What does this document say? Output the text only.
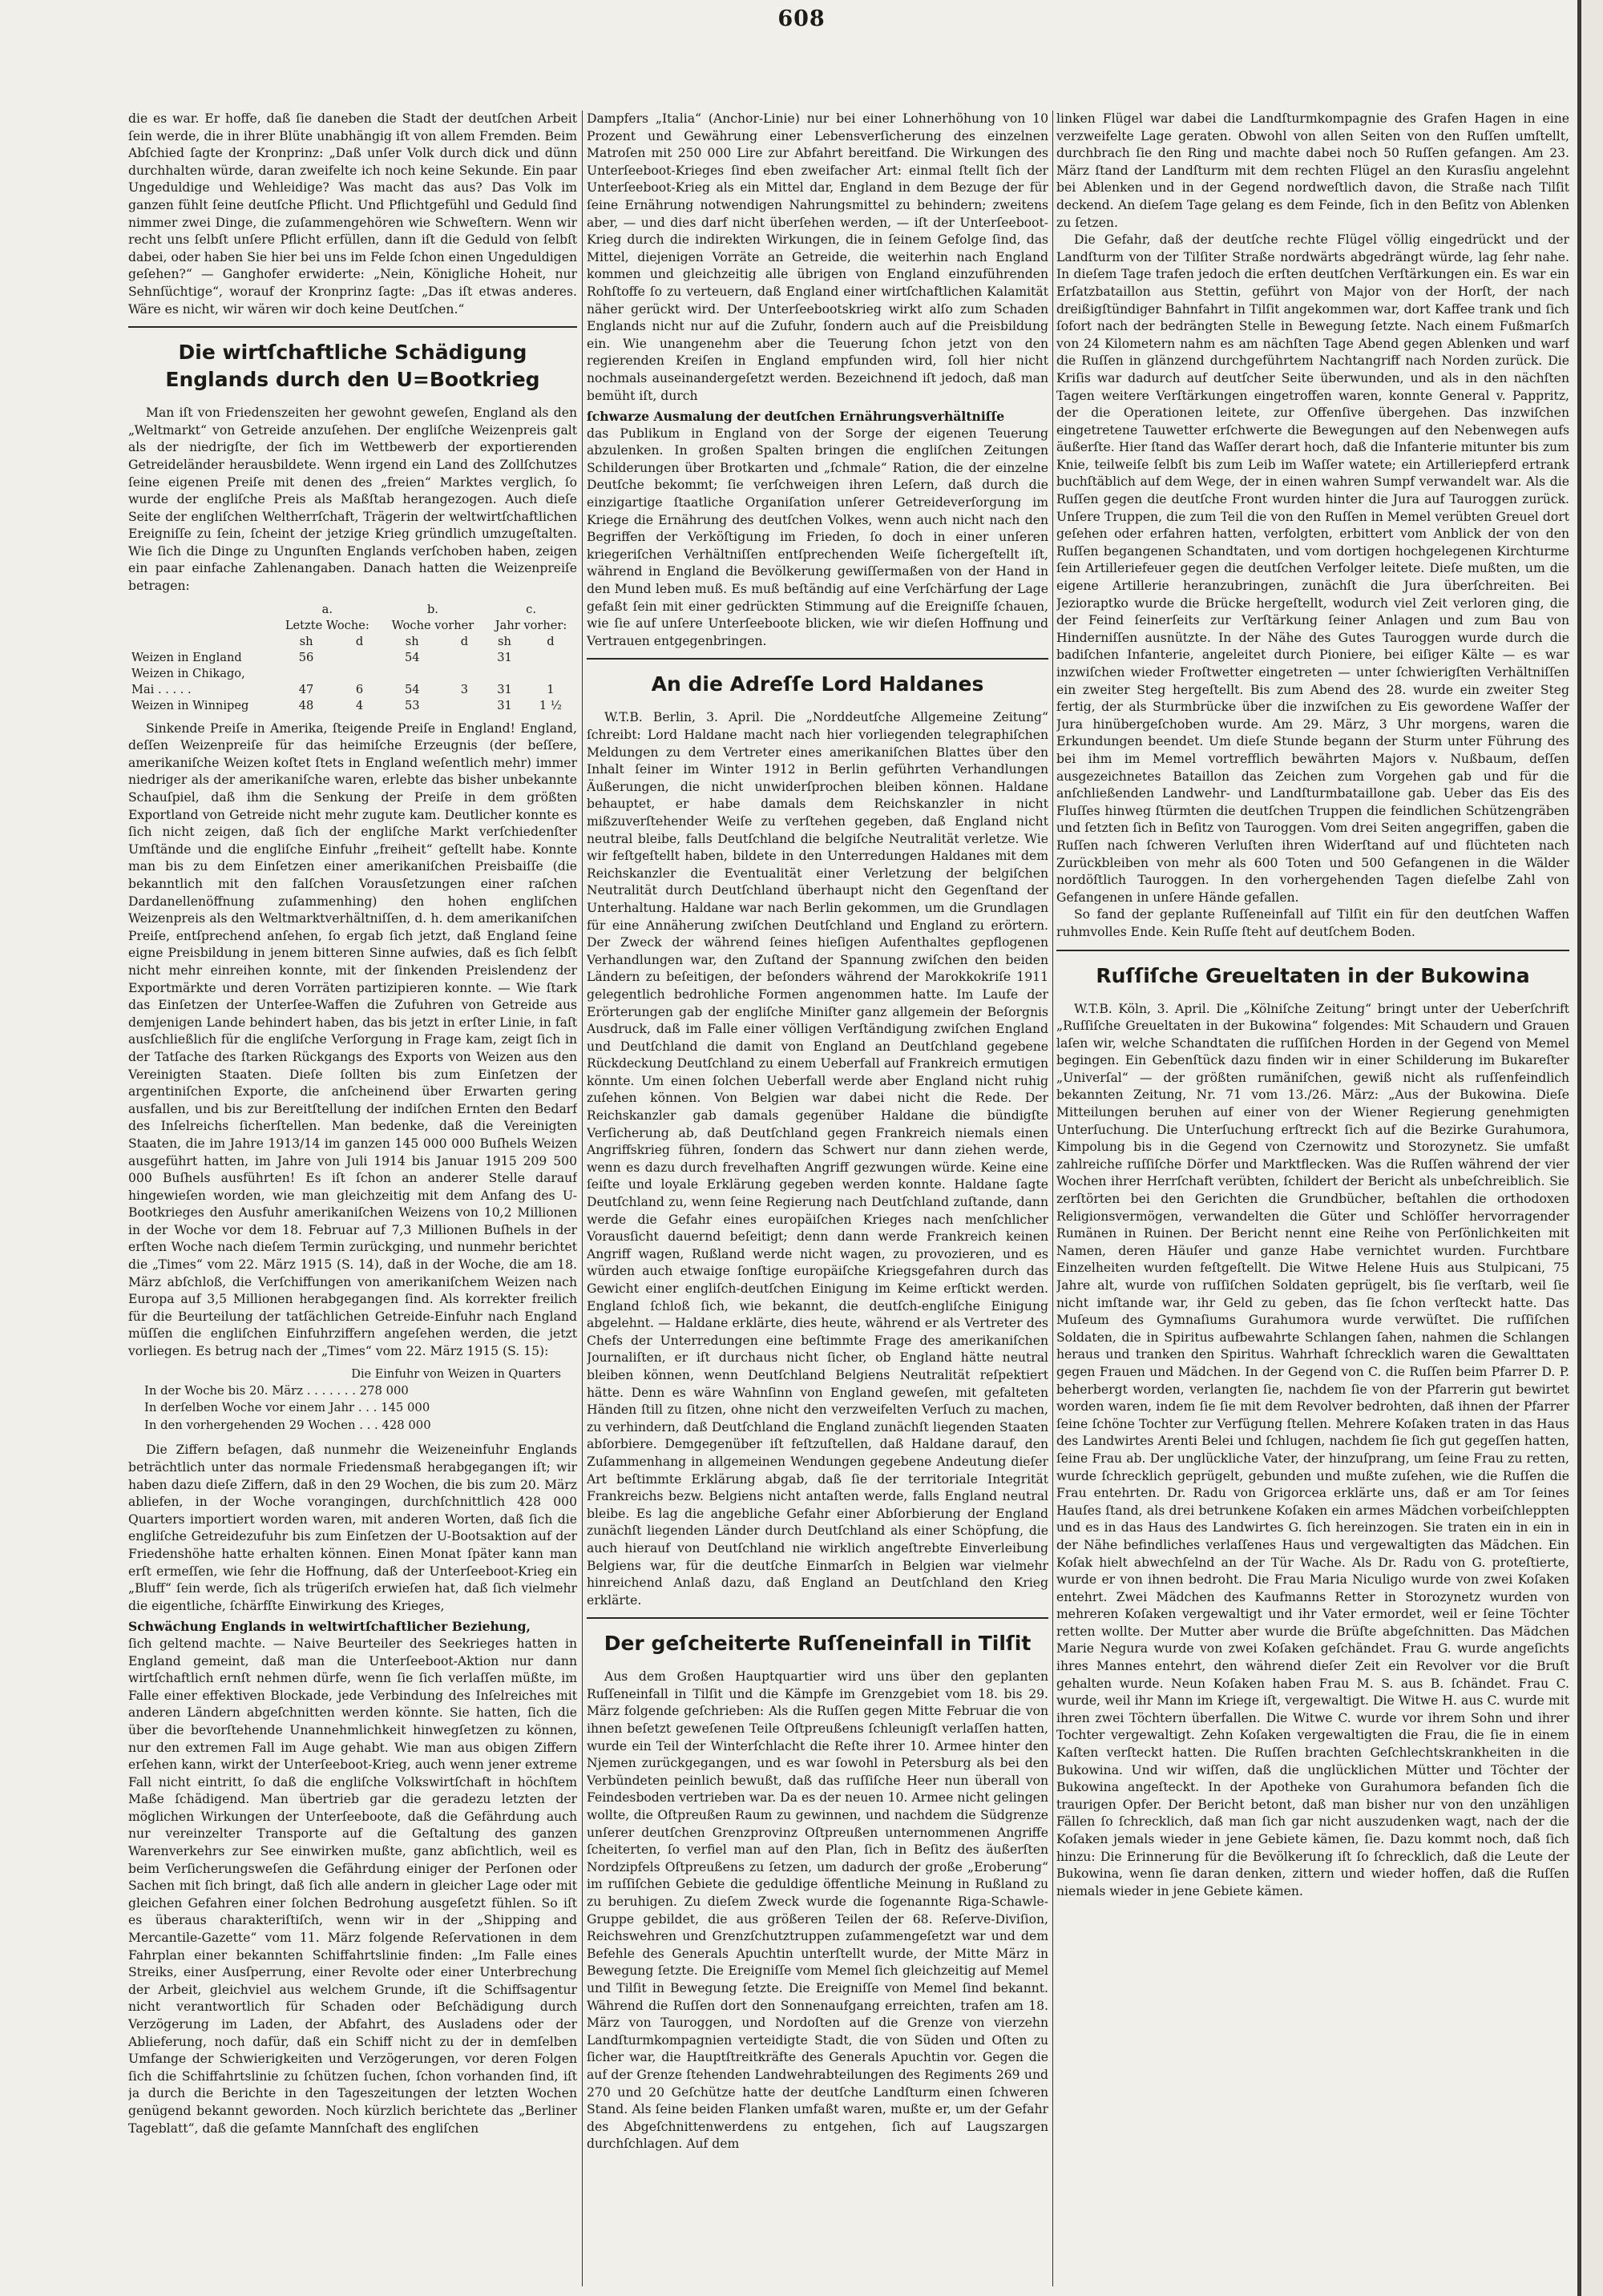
608

die es war. Er hoffe, daß ſie daneben die Stadt der deutſchen Arbeit ſein werde, die in ihrer Blüte unabhängig iſt von allem Fremden. Beim Abſchied ſagte der Kronprinz: „Daß unſer Volk durch dick und dünn durchhalten würde, daran zweifelte ich noch keine Sekunde. Ein paar Ungeduldige und Wehleidige? Was macht das aus? Das Volk im ganzen fühlt ſeine deutſche Pflicht. Und Pflichtgefühl und Geduld ſind nimmer zwei Dinge, die zuſammengehören wie Schweſtern. Wenn wir recht uns ſelbſt unſere Pflicht erfüllen, dann iſt die Geduld von ſelbſt dabei, oder haben Sie hier bei uns im Felde ſchon einen Ungeduldigen geſehen?“ — Ganghofer erwiderte: „Nein, Königliche Hoheit, nur Sehnſüchtige“, worauf der Kronprinz ſagte: „Das iſt etwas anderes. Wäre es nicht, wir wären wir doch keine Deutſchen.“

Die wirtſchaftliche Schädigung Englands durch den U=Bootkrieg

Man iſt von Friedenszeiten her gewohnt geweſen, England als den „Weltmarkt“ von Getreide anzuſehen. Der engliſche Weizenpreis galt als der niedrigſte, der ſich im Wettbewerb der exportierenden Getreideländer herausbildete. Wenn irgend ein Land des Zollſchutzes ſeine eigenen Preiſe mit denen des „freien“ Marktes verglich, ſo wurde der engliſche Preis als Maßſtab herangezogen. Auch dieſe Seite der engliſchen Weltherrſchaft, Trägerin der weltwirtſchaftlichen Ereigniſſe zu ſein, ſcheint der jetzige Krieg gründlich umzugeſtalten. Wie ſich die Dinge zu Ungunſten Englands verſchoben haben, zeigen ein paar einfache Zahlenangaben. Danach hatten die Weizenpreiſe betragen:

	a.		b.		c.	
	Letzte Woche:		Woche vorher		Jahr vorher:	
	sh	d	sh	d	sh	d
Weizen in England	56		54		31	
Weizen in Chikago,						
Mai . . . . .	47	6	54	3	31	1
Weizen in Winnipeg	48	4	53		31	1 ½

Sinkende Preiſe in Amerika, ſteigende Preiſe in England! England, deſſen Weizenpreiſe für das heimiſche Erzeugnis (der beſſere, amerikaniſche Weizen koſtet ſtets in England weſentlich mehr) immer niedriger als der amerikaniſche waren, erlebte das bisher unbekannte Schauſpiel, daß ihm die Senkung der Preiſe in dem größten Exportland von Getreide nicht mehr zugute kam. Deutlicher konnte es ſich nicht zeigen, daß ſich der engliſche Markt verſchiedenſter Umſtände und die engliſche Einfuhr „freiheit“ geſtellt habe. Konnte man bis zu dem Einſetzen einer amerikaniſchen Preisbaiſſe (die bekanntlich mit den falſchen Vorausſetzungen einer raſchen Dardanellenöffnung zuſammenhing) den hohen engliſchen Weizenpreis als den Weltmarktverhältniſſen, d. h. dem amerikaniſchen Preiſe, entſprechend anſehen, ſo ergab ſich jetzt, daß England ſeine eigne Preisbildung in jenem bitteren Sinne aufwies, daß es ſich ſelbſt nicht mehr einreihen konnte, mit der ſinkenden Preislendenz der Exportmärkte und deren Vorräten partizipieren konnte. — Wie ſtark das Einſetzen der Unterſee-Waffen die Zufuhren von Getreide aus demjenigen Lande behindert haben, das bis jetzt in erſter Linie, in faſt ausſchließlich für die engliſche Verſorgung in Frage kam, zeigt ſich in der Tatſache des ſtarken Rückgangs des Exports von Weizen aus den Vereinigten Staaten. Dieſe ſollten bis zum Einſetzen der argentiniſchen Exporte, die anſcheinend über Erwarten gering ausfallen, und bis zur Bereitſtellung der indiſchen Ernten den Bedarf des Inſelreichs ſicherſtellen. Man bedenke, daß die Vereinigten Staaten, die im Jahre 1913/14 im ganzen 145 000 000 Buſhels Weizen ausgeführt hatten, im Jahre von Juli 1914 bis Januar 1915 209 500 000 Buſhels ausführten! Es iſt ſchon an anderer Stelle darauf hingewieſen worden, wie man gleichzeitig mit dem Anfang des U-Bootkrieges den Ausfuhr amerikaniſchen Weizens von 10,2 Millionen in der Woche vor dem 18. Februar auf 7,3 Millionen Buſhels in der erſten Woche nach dieſem Termin zurückging, und nunmehr berichtet die „Times“ vom 22. März 1915 (S. 14), daß in der Woche, die am 18. März abſchloß, die Verſchiffungen von amerikaniſchem Weizen nach Europa auf 3,5 Millionen herabgegangen ſind. Als korrekter freilich für die Beurteilung der tatſächlichen Getreide-Einfuhr nach England müſſen die engliſchen Einfuhrziffern angeſehen werden, die jetzt vorliegen. Es betrug nach der „Times“ vom 22. März 1915 (S. 15):

Die Einfuhr von Weizen in Quarters

In der Woche bis 20. März . . . . . . . 278 000

In derſelben Woche vor einem Jahr . . . 145 000

In den vorhergehenden 29 Wochen . . . 428 000

Die Ziffern beſagen, daß nunmehr die Weizeneinfuhr Englands beträchtlich unter das normale Friedensmaß herabgegangen iſt; wir haben dazu dieſe Ziffern, daß in den 29 Wochen, die bis zum 20. März abliefen, in der Woche vorangingen, durchſchnittlich 428 000 Quarters importiert worden waren, mit anderen Worten, daß ſich die engliſche Getreidezufuhr bis zum Einſetzen der U-Bootsaktion auf der Friedenshöhe hatte erhalten können. Einen Monat ſpäter kann man erſt ermeſſen, wie ſehr die Hoffnung, daß der Unterſeeboot-Krieg ein „Bluff“ ſein werde, ſich als trügeriſch erwieſen hat, daß ſich vielmehr die eigentliche, ſchärfſte Einwirkung des Krieges,

Schwächung Englands in weltwirtſchaftlicher Beziehung,

ſich geltend machte. — Naive Beurteiler des Seekrieges hatten in England gemeint, daß man die Unterſeeboot-Aktion nur dann wirtſchaftlich ernſt nehmen dürfe, wenn ſie ſich verlaſſen müßte, im Falle einer effektiven Blockade, jede Verbindung des Inſelreiches mit anderen Ländern abgeſchnitten werden könnte. Sie hatten, ſich die über die bevorſtehende Unannehmlichkeit hinwegſetzen zu können, nur den extremen Fall im Auge gehabt. Wie man aus obigen Ziffern erſehen kann, wirkt der Unterſeeboot-Krieg, auch wenn jener extreme Fall nicht eintritt, ſo daß die engliſche Volkswirtſchaft in höchſtem Maße ſchädigend. Man übertrieb gar die geradezu letzten der möglichen Wirkungen der Unterſeeboote, daß die Gefährdung auch nur vereinzelter Transporte auf die Geſtaltung des ganzen Warenverkehrs zur See einwirken mußte, ganz abſichtlich, weil es beim Verſicherungsweſen die Gefährdung einiger der Perſonen oder Sachen mit ſich bringt, daß ſich alle andern in gleicher Lage oder mit gleichen Gefahren einer ſolchen Bedrohung ausgeſetzt fühlen. So iſt es überaus charakteriſtiſch, wenn wir in der „Shipping and Mercantile-Gazette“ vom 11. März folgende Reſervationen in dem Fahrplan einer bekannten Schiffahrtslinie finden: „Im Falle eines Streiks, einer Ausſperrung, einer Revolte oder einer Unterbrechung der Arbeit, gleichviel aus welchem Grunde, iſt die Schiffsagentur nicht verantwortlich für Schaden oder Beſchädigung durch Verzögerung im Laden, der Abfahrt, des Ausladens oder der Ablieferung, noch dafür, daß ein Schiff nicht zu der in demſelben Umfange der Schwierigkeiten und Verzögerungen, vor deren Folgen ſich die Schiffahrtslinie zu ſchützen ſuchen, ſchon vorhanden ſind, iſt ja durch die Berichte in den Tageszeitungen der letzten Wochen genügend bekannt geworden. Noch kürzlich berichtete das „Berliner Tageblatt“, daß die geſamte Mannſchaft des engliſchen

Dampfers „Italia“ (Anchor-Linie) nur bei einer Lohnerhöhung von 10 Prozent und Gewährung einer Lebensverſicherung des einzelnen Matroſen mit 250 000 Lire zur Abfahrt bereitfand. Die Wirkungen des Unterſeeboot-Krieges ſind eben zweifacher Art: einmal ſtellt ſich der Unterſeeboot-Krieg als ein Mittel dar, England in dem Bezuge der für ſeine Ernährung notwendigen Nahrungsmittel zu behindern; zweitens aber, — und dies darf nicht überſehen werden, — iſt der Unterſeeboot-Krieg durch die indirekten Wirkungen, die in ſeinem Gefolge ſind, das Mittel, diejenigen Vorräte an Getreide, die weiterhin nach England kommen und gleichzeitig alle übrigen von England einzuführenden Rohſtoffe ſo zu verteuern, daß England einer wirtſchaftlichen Kalamität näher gerückt wird. Der Unterſeebootskrieg wirkt alſo zum Schaden Englands nicht nur auf die Zufuhr, ſondern auch auf die Preisbildung ein. Wie unangenehm aber die Teuerung ſchon jetzt von den regierenden Kreiſen in England empfunden wird, ſoll hier nicht nochmals auseinandergeſetzt werden. Bezeichnend iſt jedoch, daß man bemüht iſt, durch

ſchwarze Ausmalung der deutſchen Ernährungsverhältniſſe

das Publikum in England von der Sorge der eigenen Teuerung abzulenken. In großen Spalten bringen die engliſchen Zeitungen Schilderungen über Brotkarten und „ſchmale“ Ration, die der einzelne Deutſche bekommt; ſie verſchweigen ihren Leſern, daß durch die einzigartige ſtaatliche Organiſation unſerer Getreideverſorgung im Kriege die Ernährung des deutſchen Volkes, wenn auch nicht nach den Begriffen der Verköſtigung im Frieden, ſo doch in einer unſeren kriegeriſchen Verhältniſſen entſprechenden Weiſe ſichergeſtellt iſt, während in England die Bevölkerung gewiſſermaßen von der Hand in den Mund leben muß. Es muß beſtändig auf eine Verſchärfung der Lage gefaßt ſein mit einer gedrückten Stimmung auf die Ereigniſſe ſchauen, wie ſie auf unſere Unterſeeboote blicken, wie wir dieſen Hoffnung und Vertrauen entgegenbringen.

An die Adreſſe Lord Haldanes

W.T.B. Berlin, 3. April. Die „Norddeutſche Allgemeine Zeitung“ ſchreibt: Lord Haldane macht nach hier vorliegenden telegraphiſchen Meldungen zu dem Vertreter eines amerikaniſchen Blattes über den Inhalt ſeiner im Winter 1912 in Berlin geführten Verhandlungen Äußerungen, die nicht unwiderſprochen bleiben können. Haldane behauptet, er habe damals dem Reichskanzler in nicht mißzuverſtehender Weiſe zu verſtehen gegeben, daß England nicht neutral bleibe, falls Deutſchland die belgiſche Neutralität verletze. Wie wir feſtgeſtellt haben, bildete in den Unterredungen Haldanes mit dem Reichskanzler die Eventualität einer Verletzung der belgiſchen Neutralität durch Deutſchland überhaupt nicht den Gegenſtand der Unterhaltung. Haldane war nach Berlin gekommen, um die Grundlagen für eine Annäherung zwiſchen Deutſchland und England zu erörtern. Der Zweck der während ſeines hieſigen Aufenthaltes gepflogenen Verhandlungen war, den Zuſtand der Spannung zwiſchen den beiden Ländern zu beſeitigen, der beſonders während der Marokkokriſe 1911 gelegentlich bedrohliche Formen angenommen hatte. Im Laufe der Erörterungen gab der engliſche Miniſter ganz allgemein der Beſorgnis Ausdruck, daß im Falle einer völligen Verſtändigung zwiſchen England und Deutſchland die damit von England an Deutſchland gegebene Rückdeckung Deutſchland zu einem Ueberfall auf Frankreich ermutigen könnte. Um einen ſolchen Ueberfall werde aber England nicht ruhig zuſehen können. Von Belgien war dabei nicht die Rede. Der Reichskanzler gab damals gegenüber Haldane die bündigſte Verſicherung ab, daß Deutſchland gegen Frankreich niemals einen Angriffskrieg führen, ſondern das Schwert nur dann ziehen werde, wenn es dazu durch frevelhaften Angriff gezwungen würde. Keine eine ſeiſte und loyale Erklärung gegeben werden konnte. Haldane ſagte Deutſchland zu, wenn ſeine Regierung nach Deutſchland zuſtande, dann werde die Gefahr eines europäiſchen Krieges nach menſchlicher Vorausſicht dauernd beſeitigt; denn dann werde Frankreich keinen Angriff wagen, Rußland werde nicht wagen, zu provozieren, und es würden auch etwaige ſonſtige europäiſche Kriegsgefahren durch das Gewicht einer engliſch-deutſchen Einigung im Keime erſtickt werden. England ſchloß ſich, wie bekannt, die deutſch-engliſche Einigung abgelehnt. — Haldane erklärte, dies heute, während er als Vertreter des Chefs der Unterredungen eine beſtimmte Frage des amerikaniſchen Journaliſten, er iſt durchaus nicht ſicher, ob England hätte neutral bleiben können, wenn Deutſchland Belgiens Neutralität reſpektiert hätte. Denn es wäre Wahnſinn von England geweſen, mit gefalteten Händen ſtill zu ſitzen, ohne nicht den verzweifelten Verſuch zu machen, zu verhindern, daß Deutſchland die England zunächſt liegenden Staaten abſorbiere. Demgegenüber iſt feſtzuſtellen, daß Haldane darauf, den Zuſammenhang in allgemeinen Wendungen gegebene Andeutung dieſer Art beſtimmte Erklärung abgab, daß ſie der territoriale Integrität Frankreichs bezw. Belgiens nicht antaſten werde, falls England neutral bleibe. Es lag die angebliche Gefahr einer Abſorbierung der England zunächſt liegenden Länder durch Deutſchland als einer Schöpfung, die auch hierauf von Deutſchland nie wirklich angeſtrebte Einverleibung Belgiens war, für die deutſche Einmarſch in Belgien war vielmehr hinreichend Anlaß dazu, daß England an Deutſchland den Krieg erklärte.

Der geſcheiterte Ruſſeneinfall in Tilſit

Aus dem Großen Hauptquartier wird uns über den geplanten Ruſſeneinfall in Tilſit und die Kämpfe im Grenzgebiet vom 18. bis 29. März folgende geſchrieben: Als die Ruſſen gegen Mitte Februar die von ihnen beſetzt geweſenen Teile Oſtpreußens ſchleunigſt verlaſſen hatten, wurde ein Teil der Winterſchlacht die Reſte ihrer 10. Armee hinter den Njemen zurückgegangen, und es war ſowohl in Petersburg als bei den Verbündeten peinlich bewußt, daß das ruſſiſche Heer nun überall von Feindesboden vertrieben war. Da es der neuen 10. Armee nicht gelingen wollte, die Oſtpreußen Raum zu gewinnen, und nachdem die Südgrenze unſerer deutſchen Grenzprovinz Oſtpreußen unternommenen Angriffe ſcheiterten, ſo verfiel man auf den Plan, ſich in Beſitz des äußerſten Nordzipfels Oſtpreußens zu ſetzen, um dadurch der große „Eroberung“ im ruſſiſchen Gebiete die geduldige öffentliche Meinung in Rußland zu zu beruhigen. Zu dieſem Zweck wurde die ſogenannte Riga-Schawle-Gruppe gebildet, die aus größeren Teilen der 68. Reſerve-Diviſion, Reichswehren und Grenzſchutztruppen zuſammengeſetzt war und dem Befehle des Generals Apuchtin unterſtellt wurde, der Mitte März in Bewegung ſetzte. Die Ereigniſſe vom Memel ſich gleichzeitig auf Memel und Tilſit in Bewegung ſetzte. Die Ereigniſſe von Memel ſind bekannt. Während die Ruſſen dort den Sonnenaufgang erreichten, trafen am 18. März von Tauroggen, und Nordoſten auf die Grenze von vierzehn Landſturmkompagnien verteidigte Stadt, die von Süden und Oſten zu ſicher war, die Hauptſtreitkräfte des Generals Apuchtin vor. Gegen die auf der Grenze ſtehenden Landwehrabteilungen des Regiments 269 und 270 und 20 Geſchütze hatte der deutſche Landſturm einen ſchweren Stand. Als ſeine beiden Flanken umfaßt waren, mußte er, um der Gefahr des Abgeſchnittenwerdens zu entgehen, ſich auf Laugszargen durchſchlagen. Auf dem

linken Flügel war dabei die Landſturmkompagnie des Grafen Hagen in eine verzweifelte Lage geraten. Obwohl von allen Seiten von den Ruſſen umſtellt, durchbrach ſie den Ring und machte dabei noch 50 Ruſſen gefangen. Am 23. März ſtand der Landſturm mit dem rechten Flügel an den Kurasſiu angelehnt bei Ablenken und in der Gegend nordweſtlich davon, die Straße nach Tilſit deckend. An dieſem Tage gelang es dem Feinde, ſich in den Beſitz von Ablenken zu ſetzen.

Die Gefahr, daß der deutſche rechte Flügel völlig eingedrückt und der Landſturm von der Tilſiter Straße nordwärts abgedrängt würde, lag ſehr nahe. In dieſem Tage trafen jedoch die erſten deutſchen Verſtärkungen ein. Es war ein Erſatzbataillon aus Stettin, geführt von Major von der Horſt, der nach dreißigſtündiger Bahnfahrt in Tilſit angekommen war, dort Kaffee trank und ſich ſofort nach der bedrängten Stelle in Bewegung ſetzte. Nach einem Fußmarſch von 24 Kilometern nahm es am nächſten Tage Abend gegen Ablenken und warf die Ruſſen in glänzend durchgeführtem Nachtangriff nach Norden zurück. Die Kriſis war dadurch auf deutſcher Seite überwunden, und als in den nächſten Tagen weitere Verſtärkungen eingetroffen waren, konnte General v. Pappritz, der die Operationen leitete, zur Offenſive übergehen. Das inzwiſchen eingetretene Tauwetter erſchwerte die Bewegungen auf den Nebenwegen aufs äußerſte. Hier ſtand das Waſſer derart hoch, daß die Infanterie mitunter bis zum Knie, teilweiſe ſelbſt bis zum Leib im Waſſer watete; ein Artilleriepferd ertrank buchſtäblich auf dem Wege, der in einen wahren Sumpf verwandelt war. Als die Ruſſen gegen die deutſche Front wurden hinter die Jura auf Tauroggen zurück. Unſere Truppen, die zum Teil die von den Ruſſen in Memel verübten Greuel dort geſehen oder erfahren hatten, verfolgten, erbittert vom Anblick der von den Ruſſen begangenen Schandtaten, und vom dortigen hochgelegenen Kirchturme ſein Artilleriefeuer gegen die deutſchen Verfolger leitete. Dieſe mußten, um die eigene Artillerie heranzubringen, zunächſt die Jura überſchreiten. Bei Jezioraptko wurde die Brücke hergeſtellt, wodurch viel Zeit verloren ging, die der Feind ſeinerſeits zur Verſtärkung ſeiner Anlagen und zum Bau von Hinderniſſen ausnützte. In der Nähe des Gutes Tauroggen wurde durch die badiſchen Infanterie, angeleitet durch Pioniere, bei eiſiger Kälte — es war inzwiſchen wieder Froſtwetter eingetreten — unter ſchwierigſten Verhältniſſen ein zweiter Steg hergeſtellt. Bis zum Abend des 28. wurde ein zweiter Steg fertig, der als Sturmbrücke über die inzwiſchen zu Eis gewordene Waſſer der Jura hinübergeſchoben wurde. Am 29. März, 3 Uhr morgens, waren die Erkundungen beendet. Um dieſe Stunde begann der Sturm unter Führung des bei ihm im Memel vortrefflich bewährten Majors v. Nußbaum, deſſen ausgezeichnetes Bataillon das Zeichen zum Vorgehen gab und für die anſchließenden Landwehr- und Landſturmbataillone gab. Ueber das Eis des Fluſſes hinweg ſtürmten die deutſchen Truppen die feindlichen Schützengräben und ſetzten ſich in Beſitz von Tauroggen. Vom drei Seiten angegriffen, gaben die Ruſſen nach ſchweren Verluſten ihren Widerſtand auf und flüchteten nach Zurückbleiben von mehr als 600 Toten und 500 Gefangenen in die Wälder nordöſtlich Tauroggen. In den vorhergehenden Tagen dieſelbe Zahl von Gefangenen in unſere Hände gefallen.

So fand der geplante Ruſſeneinfall auf Tilſit ein für den deutſchen Waffen ruhmvolles Ende. Kein Ruſſe ſteht auf deutſchem Boden.

Ruſſiſche Greueltaten in der Bukowina

W.T.B. Köln, 3. April. Die „Kölniſche Zeitung“ bringt unter der Ueberſchrift „Ruſſiſche Greueltaten in der Bukowina“ folgendes: Mit Schaudern und Grauen laſen wir, welche Schandtaten die ruſſiſchen Horden in der Gegend von Memel begingen. Ein Gebenſtück dazu finden wir in einer Schilderung im Bukareſter „Univerſal“ — der größten rumäniſchen, gewiß nicht als ruſſenfeindlich bekannten Zeitung, Nr. 71 vom 13./26. März: „Aus der Bukowina. Dieſe Mitteilungen beruhen auf einer von der Wiener Regierung genehmigten Unterſuchung. Die Unterſuchung erſtreckt ſich auf die Bezirke Gurahumora, Kimpolung bis in die Gegend von Czernowitz und Storozynetz. Sie umfaßt zahlreiche ruſſiſche Dörfer und Marktflecken. Was die Ruſſen während der vier Wochen ihrer Herrſchaft verübten, ſchildert der Bericht als unbeſchreiblich. Sie zerſtörten bei den Gerichten die Grundbücher, beſtahlen die orthodoxen Religionsvermögen, verwandelten die Güter und Schlöſſer hervorragender Rumänen in Ruinen. Der Bericht nennt eine Reihe von Perſönlichkeiten mit Namen, deren Häuſer und ganze Habe vernichtet wurden. Furchtbare Einzelheiten wurden feſtgeſtellt. Die Witwe Helene Huis aus Stulpicani, 75 Jahre alt, wurde von ruſſiſchen Soldaten geprügelt, bis ſie verſtarb, weil ſie nicht imſtande war, ihr Geld zu geben, das ſie ſchon verſteckt hatte. Das Muſeum des Gymnaſiums Gurahumora wurde verwüſtet. Die ruſſiſchen Soldaten, die in Spiritus aufbewahrte Schlangen ſahen, nahmen die Schlangen heraus und tranken den Spiritus. Wahrhaft ſchrecklich waren die Gewalttaten gegen Frauen und Mädchen. In der Gegend von C. die Ruſſen beim Pfarrer D. P. beherbergt worden, verlangten ſie, nachdem ſie von der Pfarrerin gut bewirtet worden waren, indem ſie ſie mit dem Revolver bedrohten, daß ihnen der Pfarrer ſeine ſchöne Tochter zur Verfügung ſtellen. Mehrere Koſaken traten in das Haus des Landwirtes Arenti Belei und ſchlugen, nachdem ſie ſich gut gegeſſen hatten, ſeine Frau ab. Der unglückliche Vater, der hinzuſprang, um ſeine Frau zu retten, wurde ſchrecklich geprügelt, gebunden und mußte zuſehen, wie die Ruſſen die Frau entehrten. Dr. Radu von Grigorcea erklärte uns, daß er am Tor ſeines Hauſes ſtand, als drei betrunkene Koſaken ein armes Mädchen vorbeiſchleppten und es in das Haus des Landwirtes G. ſich hereinzogen. Sie traten ein in ein in der Nähe befindliches verlaſſenes Haus und vergewaltigten das Mädchen. Ein Koſak hielt abwechſelnd an der Tür Wache. Als Dr. Radu von G. proteſtierte, wurde er von ihnen bedroht. Die Frau Maria Niculigo wurde von zwei Koſaken entehrt. Zwei Mädchen des Kaufmanns Retter in Storozynetz wurden von mehreren Koſaken vergewaltigt und ihr Vater ermordet, weil er ſeine Töchter retten wollte. Der Mutter aber wurde die Brüſte abgeſchnitten. Das Mädchen Marie Negura wurde von zwei Koſaken geſchändet. Frau G. wurde angeſichts ihres Mannes entehrt, den während dieſer Zeit ein Revolver vor die Bruſt gehalten wurde. Neun Koſaken haben Frau M. S. aus B. ſchändet. Frau C. wurde, weil ihr Mann im Kriege iſt, vergewaltigt. Die Witwe H. aus C. wurde mit ihren zwei Töchtern überfallen. Die Witwe C. wurde vor ihrem Sohn und ihrer Tochter vergewaltigt. Zehn Koſaken vergewaltigten die Frau, die ſie in einem Kaſten verſteckt hatten. Die Ruſſen brachten Geſchlechtskrankheiten in die Bukowina. Und wir wiſſen, daß die unglücklichen Mütter und Töchter der Bukowina angeſteckt. In der Apotheke von Gurahumora befanden ſich die traurigen Opfer. Der Bericht betont, daß man bisher nur von den unzähligen Fällen ſo ſchrecklich, daß man ſich gar nicht auszudenken wagt, nach der die Koſaken jemals wieder in jene Gebiete kämen, ſie. Dazu kommt noch, daß ſich hinzu: Die Erinnerung für die Bevölkerung iſt ſo ſchrecklich, daß die Leute der Bukowina, wenn ſie daran denken, zittern und wieder hoffen, daß die Ruſſen niemals wieder in jene Gebiete kämen.
